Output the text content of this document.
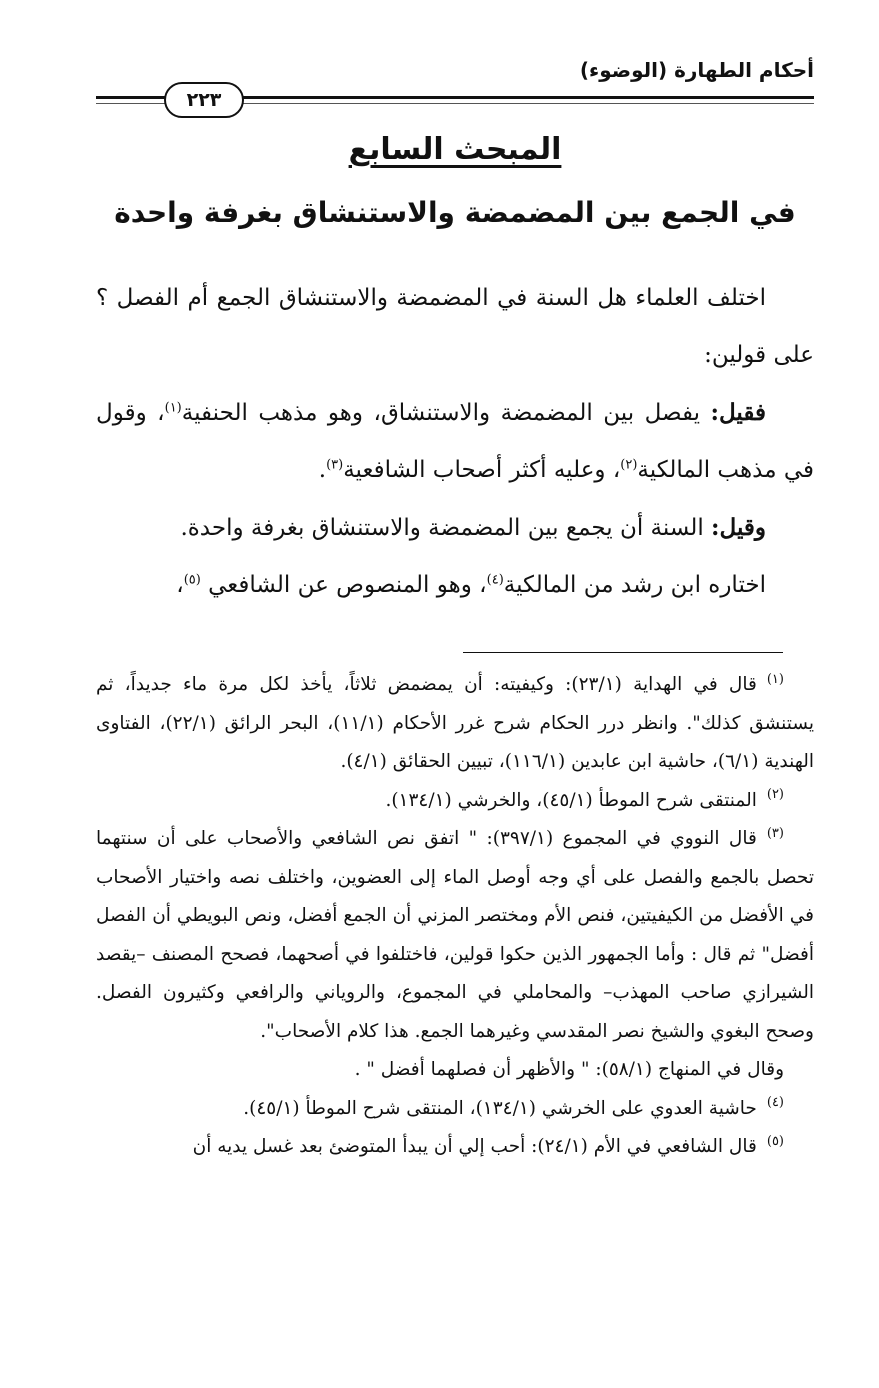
أحكام الطهارة (الوضوء)
٢٢٣
المبحث السابع
في الجمع بين المضمضة والاستنشاق بغرفة واحدة

اختلف العلماء هل السنة في المضمضة والاستنشاق الجمع أم الفصل ؟ على قولين:

فقيل: يفصل بين المضمضة والاستنشاق، وهو مذهب الحنفية$^{(١)}$، وقول في مذهب المالكية$^{(٢)}$، وعليه أكثر أصحاب الشافعية$^{(٣)}$.

وقيل: السنة أن يجمع بين المضمضة والاستنشاق بغرفة واحدة.

اختاره ابن رشد من المالكية$^{(٤)}$، وهو المنصوص عن الشافعي $^{(٥)}$،

$^{(١)}$قال في الهداية (٢٣/١): وكيفيته: أن يمضمض ثلاثاً، يأخذ لكل مرة ماء جديداً، ثم يستنشق كذلك". وانظر درر الحكام شرح غرر الأحكام (١١/١)، البحر الرائق (٢٢/١)، الفتاوى الهندية (٦/١)، حاشية ابن عابدين (١١٦/١)، تبيين الحقائق (٤/١).

$^{(٢)}$المنتقى شرح الموطأ (٤٥/١)، والخرشي (١٣٤/١).

$^{(٣)}$قال النووي في المجموع (٣٩٧/١): " اتفق نص الشافعي والأصحاب على أن سنتهما تحصل بالجمع والفصل على أي وجه أوصل الماء إلى العضوين، واختلف نصه واختيار الأصحاب في الأفضل من الكيفيتين، فنص الأم ومختصر المزني أن الجمع أفضل، ونص البويطي أن الفصل أفضل" ثم قال : وأما الجمهور الذين حكوا قولين، فاختلفوا في أصحهما، فصحح المصنف –يقصد الشيرازي صاحب المهذب– والمحاملي في المجموع، والروياني والرافعي وكثيرون الفصل. وصحح البغوي والشيخ نصر المقدسي وغيرهما الجمع. هذا كلام الأصحاب".

وقال في المنهاج (٥٨/١): " والأظهر أن فصلهما أفضل " .

$^{(٤)}$حاشية العدوي على الخرشي (١٣٤/١)، المنتقى شرح الموطأ (٤٥/١).

$^{(٥)}$قال الشافعي في الأم (٢٤/١): أحب إلي أن يبدأ المتوضئ بعد غسل يديه أن
